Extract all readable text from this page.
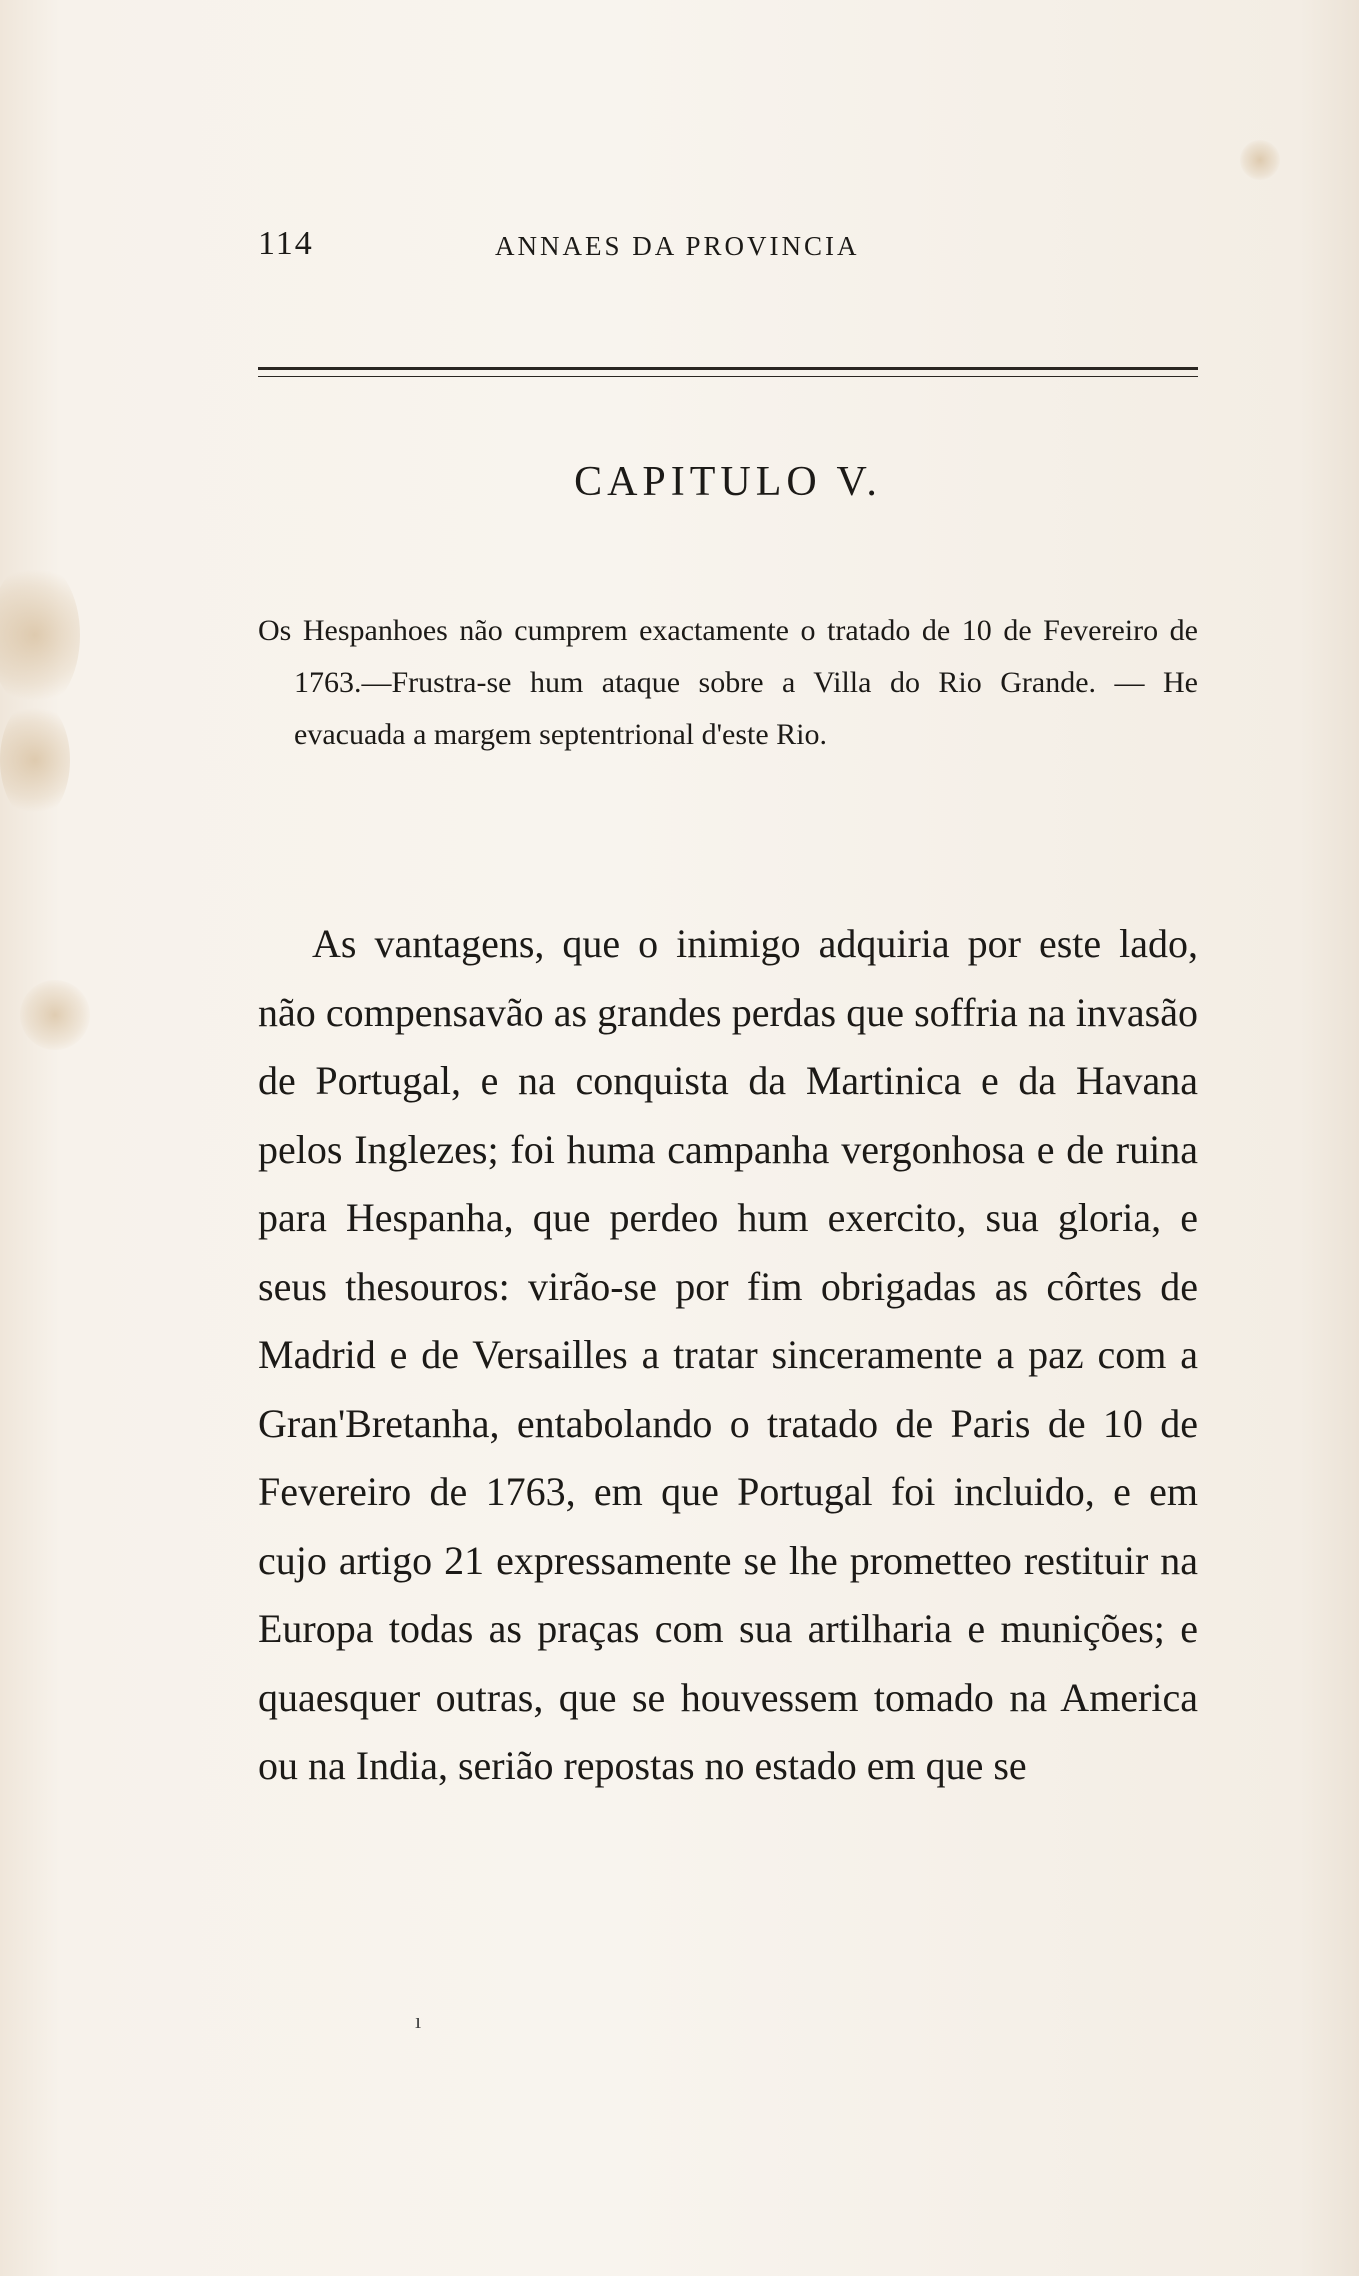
114	ANNAES DA PROVINCIA
CAPITULO V.
Os Hespanhoes não cumprem exactamente o tratado de 10 de Fevereiro de 1763.—Frustra-se hum ataque sobre a Villa do Rio Grande. — He evacuada a margem septentrional d'este Rio.
As vantagens, que o inimigo adquiria por este lado, não compensavão as grandes perdas que soffria na invasão de Portugal, e na conquista da Martinica e da Havana pelos Inglezes; foi huma campanha vergonhosa e de ruina para Hespanha, que perdeo hum exercito, sua gloria, e seus thesouros: virão-se por fim obrigadas as côrtes de Madrid e de Versailles a tratar sinceramente a paz com a Gran'Bretanha, entabolando o tratado de Paris de 10 de Fevereiro de 1763, em que Portugal foi incluido, e em cujo artigo 21 expressamente se lhe prometteo restituir na Europa todas as praças com sua artilharia e munições; e quaesquer outras, que se houvessem tomado na America ou na India, serião repostas no estado em que se
ı
